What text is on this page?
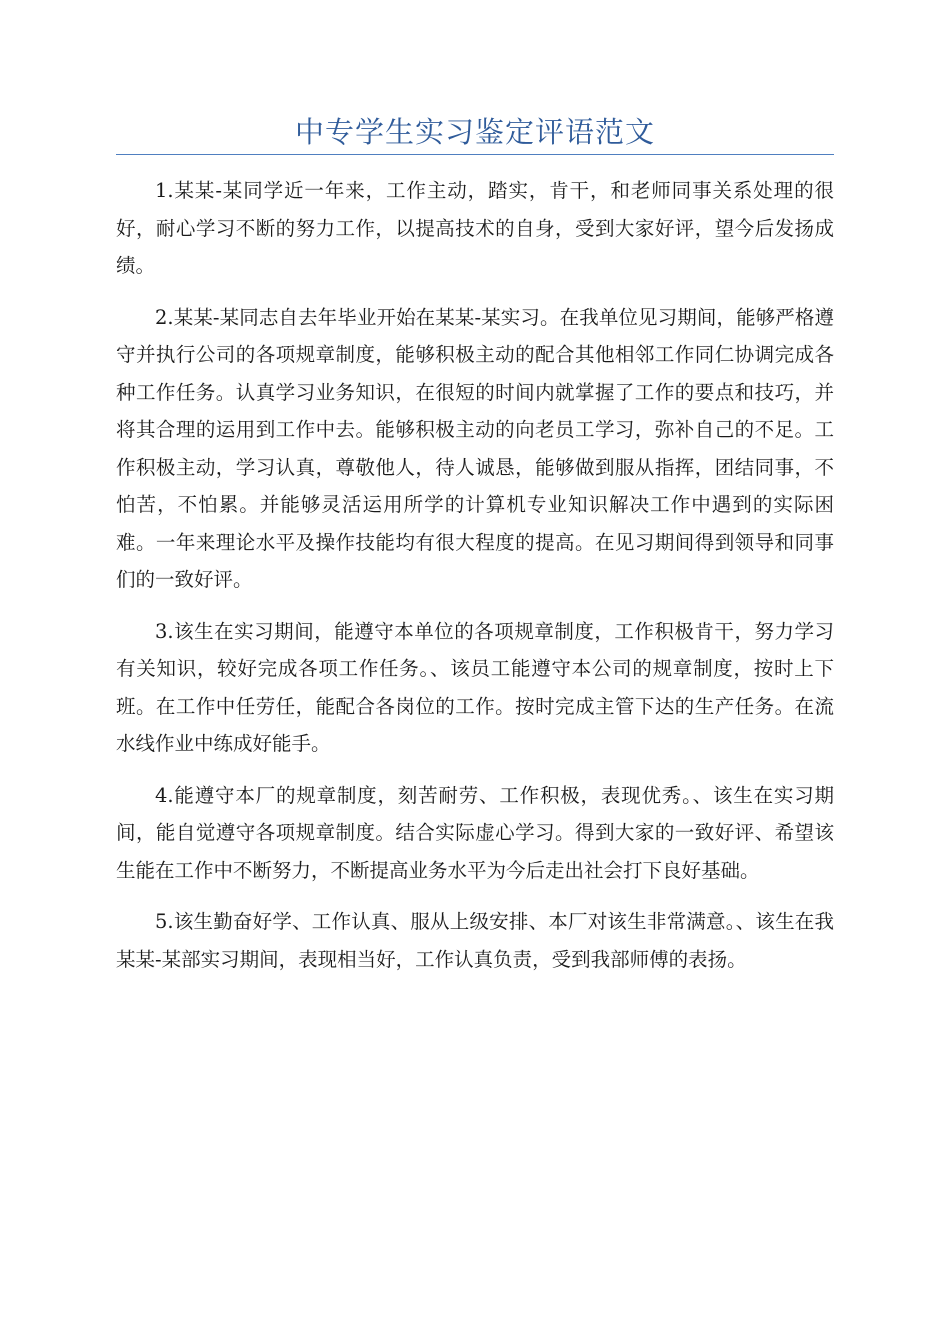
中专学生实习鉴定评语范文

1.某某-某同学近一年来，工作主动，踏实，肯干，和老师同事关系处理的很好，耐心学习不断的努力工作，以提高技术的自身，受到大家好评，望今后发扬成绩。

2.某某-某同志自去年毕业开始在某某-某实习。在我单位见习期间，能够严格遵守并执行公司的各项规章制度，能够积极主动的配合其他相邻工作同仁协调完成各种工作任务。认真学习业务知识，在很短的时间内就掌握了工作的要点和技巧，并将其合理的运用到工作中去。能够积极主动的向老员工学习，弥补自己的不足。工作积极主动，学习认真，尊敬他人，待人诚恳，能够做到服从指挥，团结同事，不怕苦，不怕累。并能够灵活运用所学的计算机专业知识解决工作中遇到的实际困难。一年来理论水平及操作技能均有很大程度的提高。在见习期间得到领导和同事们的一致好评。

3.该生在实习期间，能遵守本单位的各项规章制度，工作积极肯干，努力学习有关知识，较好完成各项工作任务。、该员工能遵守本公司的规章制度，按时上下班。在工作中任劳任，能配合各岗位的工作。按时完成主管下达的生产任务。在流水线作业中练成好能手。

4.能遵守本厂的规章制度，刻苦耐劳、工作积极，表现优秀。、该生在实习期间，能自觉遵守各项规章制度。结合实际虚心学习。得到大家的一致好评、希望该生能在工作中不断努力，不断提高业务水平为今后走出社会打下良好基础。

5.该生勤奋好学、工作认真、服从上级安排、本厂对该生非常满意。、该生在我某某-某部实习期间，表现相当好，工作认真负责，受到我部师傅的表扬。
